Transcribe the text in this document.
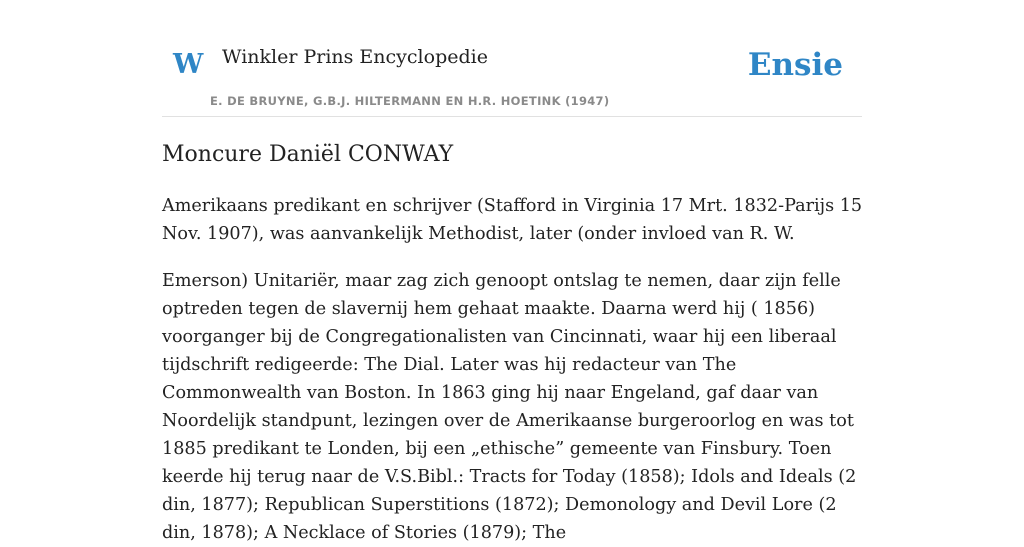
W Winkler Prins Encyclopedie
E. DE BRUYNE, G.B.J. HILTERMANN EN H.R. HOETINK (1947)
Ensie
Moncure Daniël CONWAY

Amerikaans predikant en schrijver (Stafford in Virginia 17 Mrt. 1832-Parijs 15 Nov. 1907), was aanvankelijk Methodist, later (onder invloed van R. W.

Emerson) Unitariër, maar zag zich genoopt ontslag te nemen, daar zijn felle optreden tegen de slavernij hem gehaat maakte. Daarna werd hij ( 1856) voorganger bij de Congregationalisten van Cincinnati, waar hij een liberaal tijdschrift redigeerde: The Dial. Later was hij redacteur van The Commonwealth van Boston. In 1863 ging hij naar Engeland, gaf daar van Noordelijk standpunt, lezingen over de Amerikaanse burgeroorlog en was tot 1885 predikant te Londen, bij een „ethische” gemeente van Finsbury. Toen keerde hij terug naar de V.S.Bibl.: Tracts for Today (1858); Idols and Ideals (2 din, 1877); Republican Superstitions (1872); Demonology and Devil Lore (2 din, 1878); A Necklace of Stories (1879); The
